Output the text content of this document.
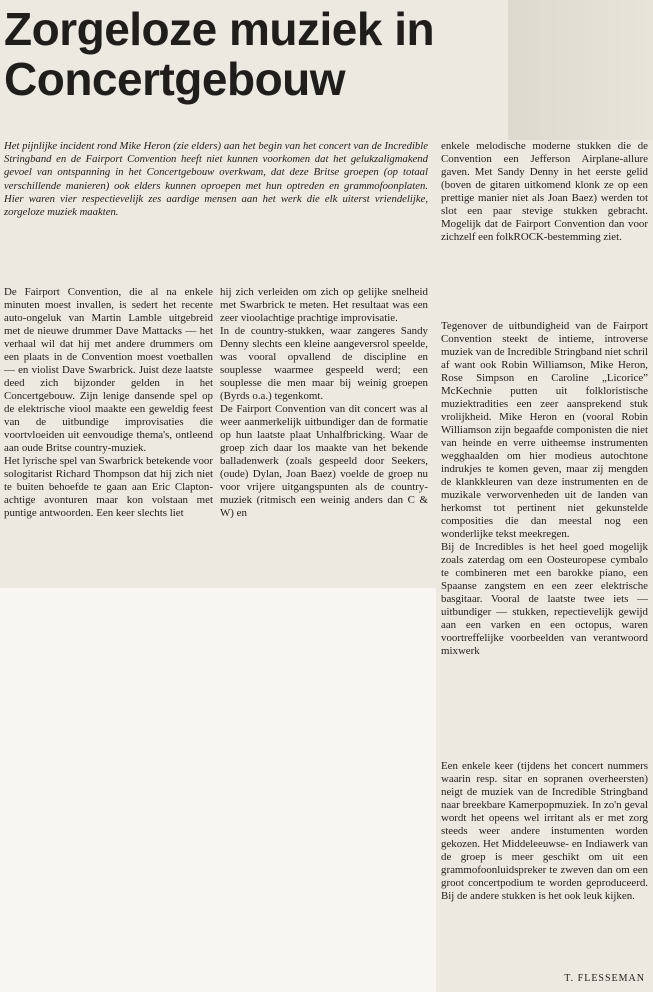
Zorgeloze muziek in Concertgebouw

Het pijnlijke incident rond Mike Heron (zie elders) aan het begin van het concert van de Incredible Stringband en de Fairport Convention heeft niet kunnen voorkomen dat het gelukzaligmakend gevoel van ontspanning in het Concertgebouw overkwam, dat deze Britse groepen (op totaal verschillende manieren) ook elders kunnen oproepen met hun optreden en grammofoonplaten. Hier waren vier respectievelijk zes aardige mensen aan het werk die elk uiterst vriendelijke, zorgeloze muziek maakten.

De Fairport Convention, die al na enkele minuten moest invallen, is sedert het recente auto-ongeluk van Martin Lamble uitgebreid met de nieuwe drummer Dave Mattacks — het verhaal wil dat hij met andere drummers om een plaats in de Convention moest voetballen — en violist Dave Swarbrick. Juist deze laatste deed zich bijzonder gelden in het Concertgebouw. Zijn lenige dansende spel op de elektrische viool maakte een geweldig feest van de uitbundige improvisaties die voortvloeiden uit eenvoudige thema's, ontleend aan oude Britse country-muziek.

Het lyrische spel van Swarbrick betekende voor sologitarist Richard Thompson dat hij zich niet te buiten behoefde te gaan aan Eric Clapton-achtige avonturen maar kon volstaan met puntige antwoorden. Een keer slechts liet

hij zich verleiden om zich op gelijke snelheid met Swarbrick te meten. Het resultaat was een zeer vioolachtige prachtige improvisatie.

In de country-stukken, waar zangeres Sandy Denny slechts een kleine aangeversrol speelde, was vooral opvallend de discipline en souplesse waarmee gespeeld werd; een souplesse die men maar bij weinig groepen (Byrds o.a.) tegenkomt.

De Fairport Convention van dit concert was al weer aanmerkelijk uitbundiger dan de formatie op hun laatste plaat Unhalfbricking. Waar de groep zich daar los maakte van het bekende balladenwerk (zoals gespeeld door Seekers, (oude) Dylan, Joan Baez) voelde de groep nu voor vrijere uitgangspunten als de country-muziek (ritmisch een weinig anders dan C & W) en

enkele melodische moderne stukken die de Convention een Jefferson Airplane-allure gaven. Met Sandy Denny in het eerste gelid (boven de gitaren uitkomend klonk ze op een prettige manier niet als Joan Baez) werden tot slot een paar stevige stukken gebracht. Mogelijk dat de Fairport Convention dan voor zichzelf een folkROCK-bestemming ziet.

Tegenover de uitbundigheid van de Fairport Convention steekt de intieme, introverse muziek van de Incredible Stringband niet schril af want ook Robin Williamson, Mike Heron, Rose Simpson en Caroline „Licorice” McKechnie putten uit folkloristische muziektradities een zeer aansprekend stuk vrolijkheid. Mike Heron en (vooral Robin Williamson zijn begaafde componisten die niet van heinde en verre uitheemse instrumenten wegghaalden om hier modieus autochtone indrukjes te komen geven, maar zij mengden de klankkleuren van deze instrumenten en de muzikale verworvenheden uit de landen van herkomst tot pertinent niet gekunstelde composities die dan meestal nog een wonderlijke tekst meekregen.

Bij de Incredibles is het heel goed mogelijk zoals zaterdag om een Oosteuropese cymbalo te combineren met een barokke piano, een Spaanse zangstem en een zeer elektrische basgitaar. Vooral de laatste twee iets — uitbundiger — stukken, repectievelijk gewijd aan een varken en een octopus, waren voortreffelijke voorbeelden van verantwoord mixwerk

Een enkele keer (tijdens het concert nummers waarin resp. sitar en sopranen overheersten) neigt de muziek van de Incredible Stringband naar breekbare Kamerpopmuziek. In zo'n geval wordt het opeens wel irritant als er met zorg steeds weer andere instumenten worden gekozen. Het Middeleeuwse- en Indiawerk van de groep is meer geschikt om uit een grammofoonluidspreker te zweven dan om een groot concertpodium te worden geproduceerd. Bij de andere stukken is het ook leuk kijken.

T. FLESSEMAN
